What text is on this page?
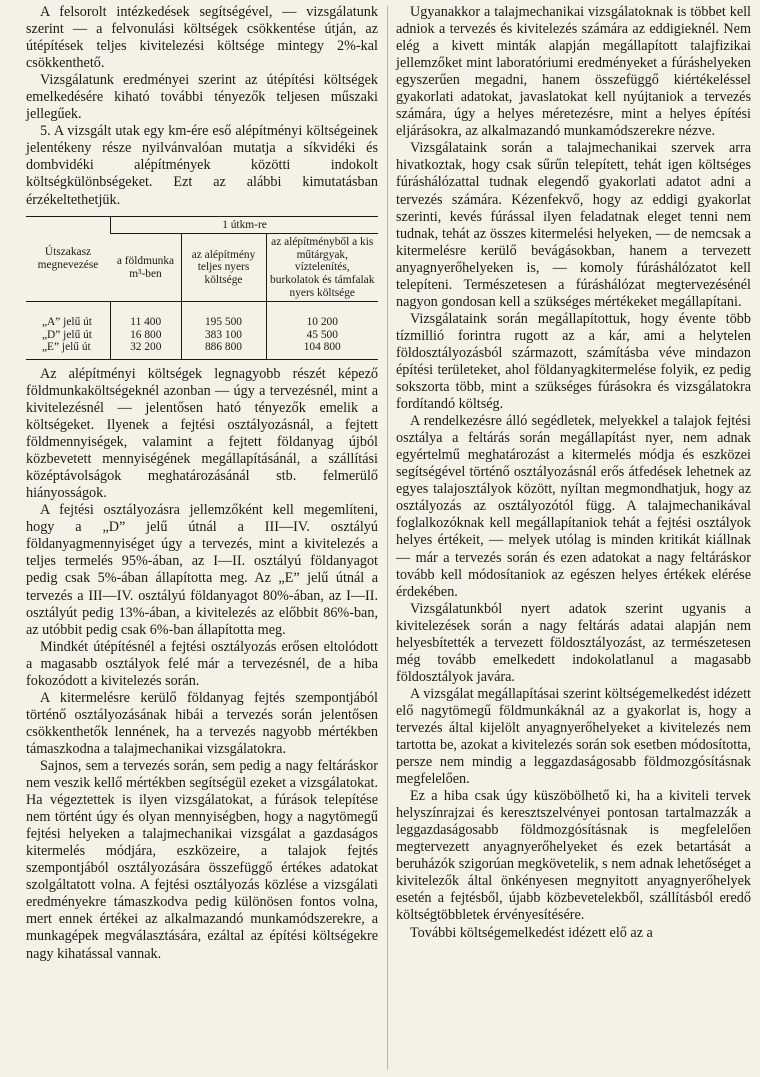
A felsorolt intézkedések segítségével, — vizsgálatunk szerint — a felvonulási költségek csökkentése útján, az útépítések teljes kivitelezési költsége mintegy 2%-kal csökkenthető.

Vizsgálatunk eredményei szerint az útépítési költségek emelkedésére kiható további tényezők teljesen műszaki jellegűek.

5. A vizsgált utak egy km-ére eső alépítményi költségeinek jelentékeny része nyilvánvalóan mutatja a síkvidéki és dombvidéki alépítmények közötti indokolt költségkülönbségeket. Ezt az alábbi kimutatásban érzékeltethetjük.

Útszakasz megnevezése	1 útkm-re		
	a földmunka m³-ben	az alépítmény teljes nyers költsége	az alépítményből a kis műtárgyak, víztelenítés, burkolatok és támfalak nyers költsége
„A” jelű út	11 400	195 500	10 200
„D” jelű út	16 800	383 100	45 500
„E” jelű út	32 200	886 800	104 800

Az alépítményi költségek legnagyobb részét képező földmunkaköltségeknél azonban — úgy a tervezésnél, mint a kivitelezésnél — jelentősen ható tényezők emelik a költségeket. Ilyenek a fejtési osztályozásnál, a fejtett földmennyiségek, valamint a fejtett földanyag újból közbevetett mennyiségének megállapításánál, a szállítási középtávolságok meghatározásánál stb. felmerülő hiányosságok.

A fejtési osztályozásra jellemzőként kell megemlíteni, hogy a „D” jelű útnál a III—IV. osztályú földanyagmennyiséget úgy a tervezés, mint a kivitelezés a teljes termelés 95%-ában, az I—II. osztályú földanyagot pedig csak 5%-ában állapította meg. Az „E” jelű útnál a tervezés a III—IV. osztályú földanyagot 80%-ában, az I—II. osztályút pedig 13%-ában, a kivitelezés az előbbit 86%-ban, az utóbbit pedig csak 6%-ban állapította meg.

Mindkét útépítésnél a fejtési osztályozás erősen eltolódott a magasabb osztályok felé már a tervezésnél, de a hiba fokozódott a kivitelezés során.

A kitermelésre kerülő földanyag fejtés szempontjából történő osztályozásának hibái a tervezés során jelentősen csökkenthetők lennének, ha a tervezés nagyobb mértékben támaszkodna a talajmechanikai vizsgálatokra.

Sajnos, sem a tervezés során, sem pedig a nagy feltáráskor nem veszik kellő mértékben segítségül ezeket a vizsgálatokat. Ha végeztettek is ilyen vizsgálatokat, a fúrások telepítése nem történt úgy és olyan mennyiségben, hogy a nagytömegű fejtési helyeken a talajmechanikai vizsgálat a gazdaságos kitermelés módjára, eszközeire, a talajok fejtés szempontjából osztályozására összefüggő értékes adatokat szolgáltatott volna. A fejtési osztályozás közlése a vizsgálati eredményekre támaszkodva pedig különösen fontos volna, mert ennek értékei az alkalmazandó munkamódszerekre, a munkagépek megválasztására, ezáltal az építési költségekre nagy kihatással vannak.

Ugyanakkor a talajmechanikai vizsgálatoknak is többet kell adniok a tervezés és kivitelezés számára az eddigieknél. Nem elég a kivett minták alapján megállapított talajfizikai jellemzőket mint laboratóriumi eredményeket a fúráshelyeken egyszerűen megadni, hanem összefüggő kiértékeléssel gyakorlati adatokat, javaslatokat kell nyújtaniok a tervezés számára, úgy a helyes méretezésre, mint a helyes építési eljárásokra, az alkalmazandó munkamódszerekre nézve.

Vizsgálataink során a talajmechanikai szervek arra hivatkoztak, hogy csak sűrűn telepített, tehát igen költséges fúráshálózattal tudnak elegendő gyakorlati adatot adni a tervezés számára. Kézenfekvő, hogy az eddigi gyakorlat szerinti, kevés fúrással ilyen feladatnak eleget tenni nem tudnak, tehát az összes kitermelési helyeken, — de nemcsak a kitermelésre kerülő bevágásokban, hanem a tervezett anyagnyerőhelyeken is, — komoly fúráshálózatot kell telepíteni. Természetesen a fúráshálózat megtervezésénél nagyon gondosan kell a szükséges mértékeket megállapítani.

Vizsgálataink során megállapítottuk, hogy évente több tízmillió forintra rugott az a kár, ami a helytelen földosztályozásból származott, számításba véve mindazon építési területeket, ahol földanyagkitermelése folyik, ez pedig sokszorta több, mint a szükséges fúrásokra és vizsgálatokra fordítandó költség.

A rendelkezésre álló segédletek, melyekkel a talajok fejtési osztálya a feltárás során megállapítást nyer, nem adnak egyértelmű meghatározást a kitermelés módja és eszközei segítségével történő osztályozásnál erős átfedések lehetnek az egyes talajosztályok között, nyíltan megmondhatjuk, hogy az osztályozás az osztályozótól függ. A talajmechanikával foglalkozóknak kell megállapítaniok tehát a fejtési osztályok helyes értékeit, — melyek utólag is minden kritikát kiállnak — már a tervezés során és ezen adatokat a nagy feltáráskor tovább kell módosítaniok az egészen helyes értékek elérése érdekében.

Vizsgálatunkból nyert adatok szerint ugyanis a kivitelezések során a nagy feltárás adatai alapján nem helyesbítették a tervezett földosztályozást, az természetesen még tovább emelkedett indokolatlanul a magasabb földosztályok javára.

A vizsgálat megállapításai szerint költségemelkedést idézett elő nagytömegű földmunkáknál az a gyakorlat is, hogy a tervezés által kijelölt anyagnyerőhelyeket a kivitelezés nem tartotta be, azokat a kivitelezés során sok esetben módosította, persze nem mindig a leggazdaságosabb földmozgósításnak megfelelően.

Ez a hiba csak úgy küszöbölhető ki, ha a kiviteli tervek helyszínrajzai és keresztszelvényei pontosan tartalmazzák a leggazdaságosabb földmozgósításnak is megfelelően megtervezett anyagnyerőhelyeket és ezek betartását a beruházók szigorúan megkövetelik, s nem adnak lehetőséget a kivitelezők által önkényesen megnyitott anyagnyerőhelyek esetén a fejtésből, újabb közbevetelekből, szállításból eredő költségtöbbletek érvényesítésére.

További költségemelkedést idézett elő az a
